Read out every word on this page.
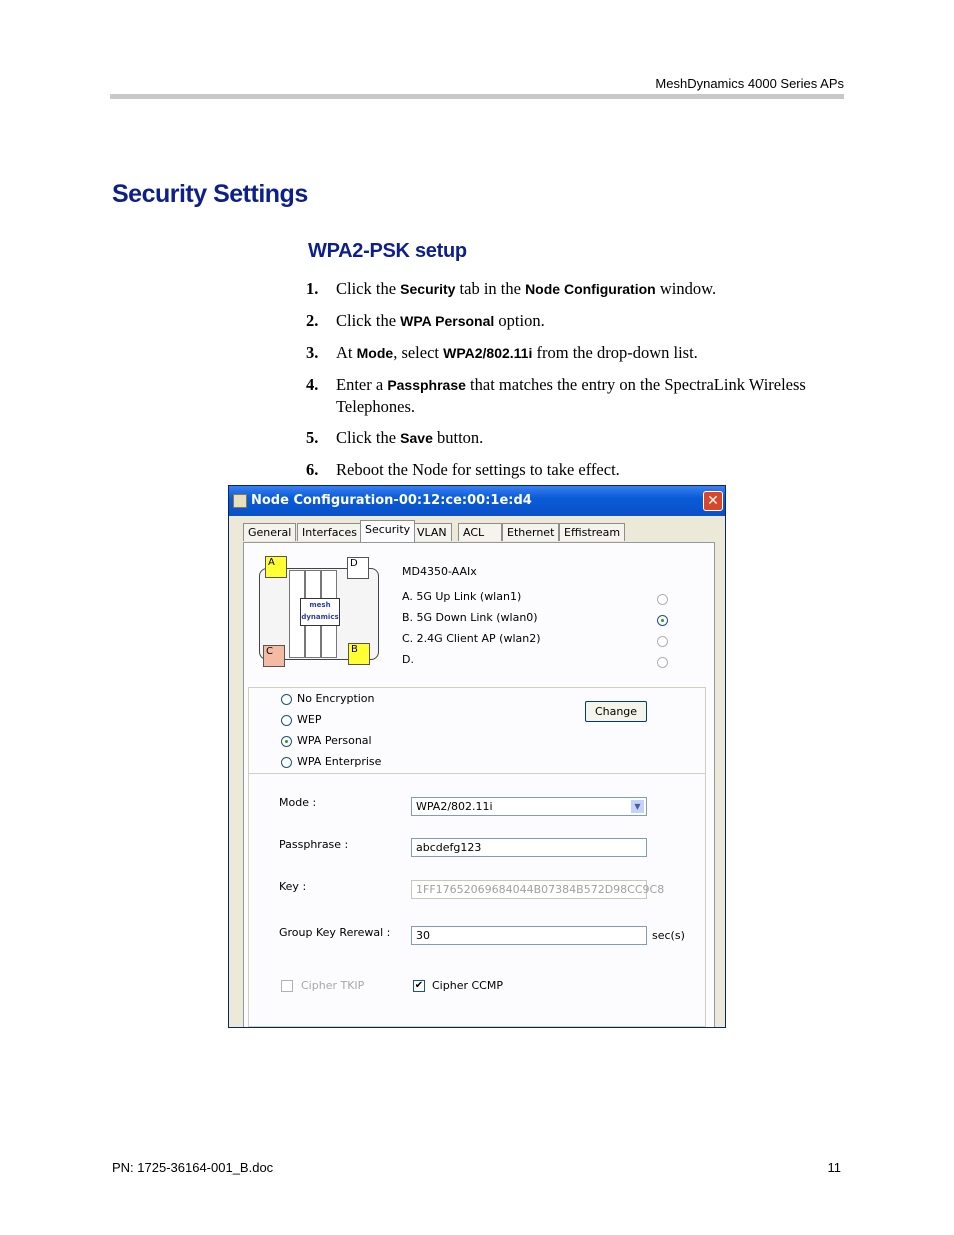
MeshDynamics 4000 Series APs
Security Settings
WPA2-PSK setup
1.	Click the Security tab in the Node Configuration window.
2.	Click the WPA Personal option.
3.	At Mode, select WPA2/802.11i from the drop-down list.
4.	Enter a Passphrase that matches the entry on the SpectraLink Wireless Telephones.
5.	Click the Save button.
6.	Reboot the Node for settings to take effect.
Node Configuration-00:12:ce:00:1e:d4	✕
General Interfaces	VLAN	ACL	Ethernet Effistream
Security
mesh dynamics
A	D
C	B
MD4350-AAIx
A. 5G Up Link (wlan1)
B. 5G Down Link (wlan0)
C. 2.4G Client AP (wlan2)
D.
No Encryption
WEP
WPA Personal
WPA Enterprise
Change
Mode :	WPA2/802.11i	▼
Passphrase :	abcdefg123
Key :	1FF17652069684044B07384B572D98CC9C8
Group Key Rerewal :	30	sec(s)
Cipher TKIP	✔ Cipher CCMP
PN: 1725-36164-001_B.doc	11
